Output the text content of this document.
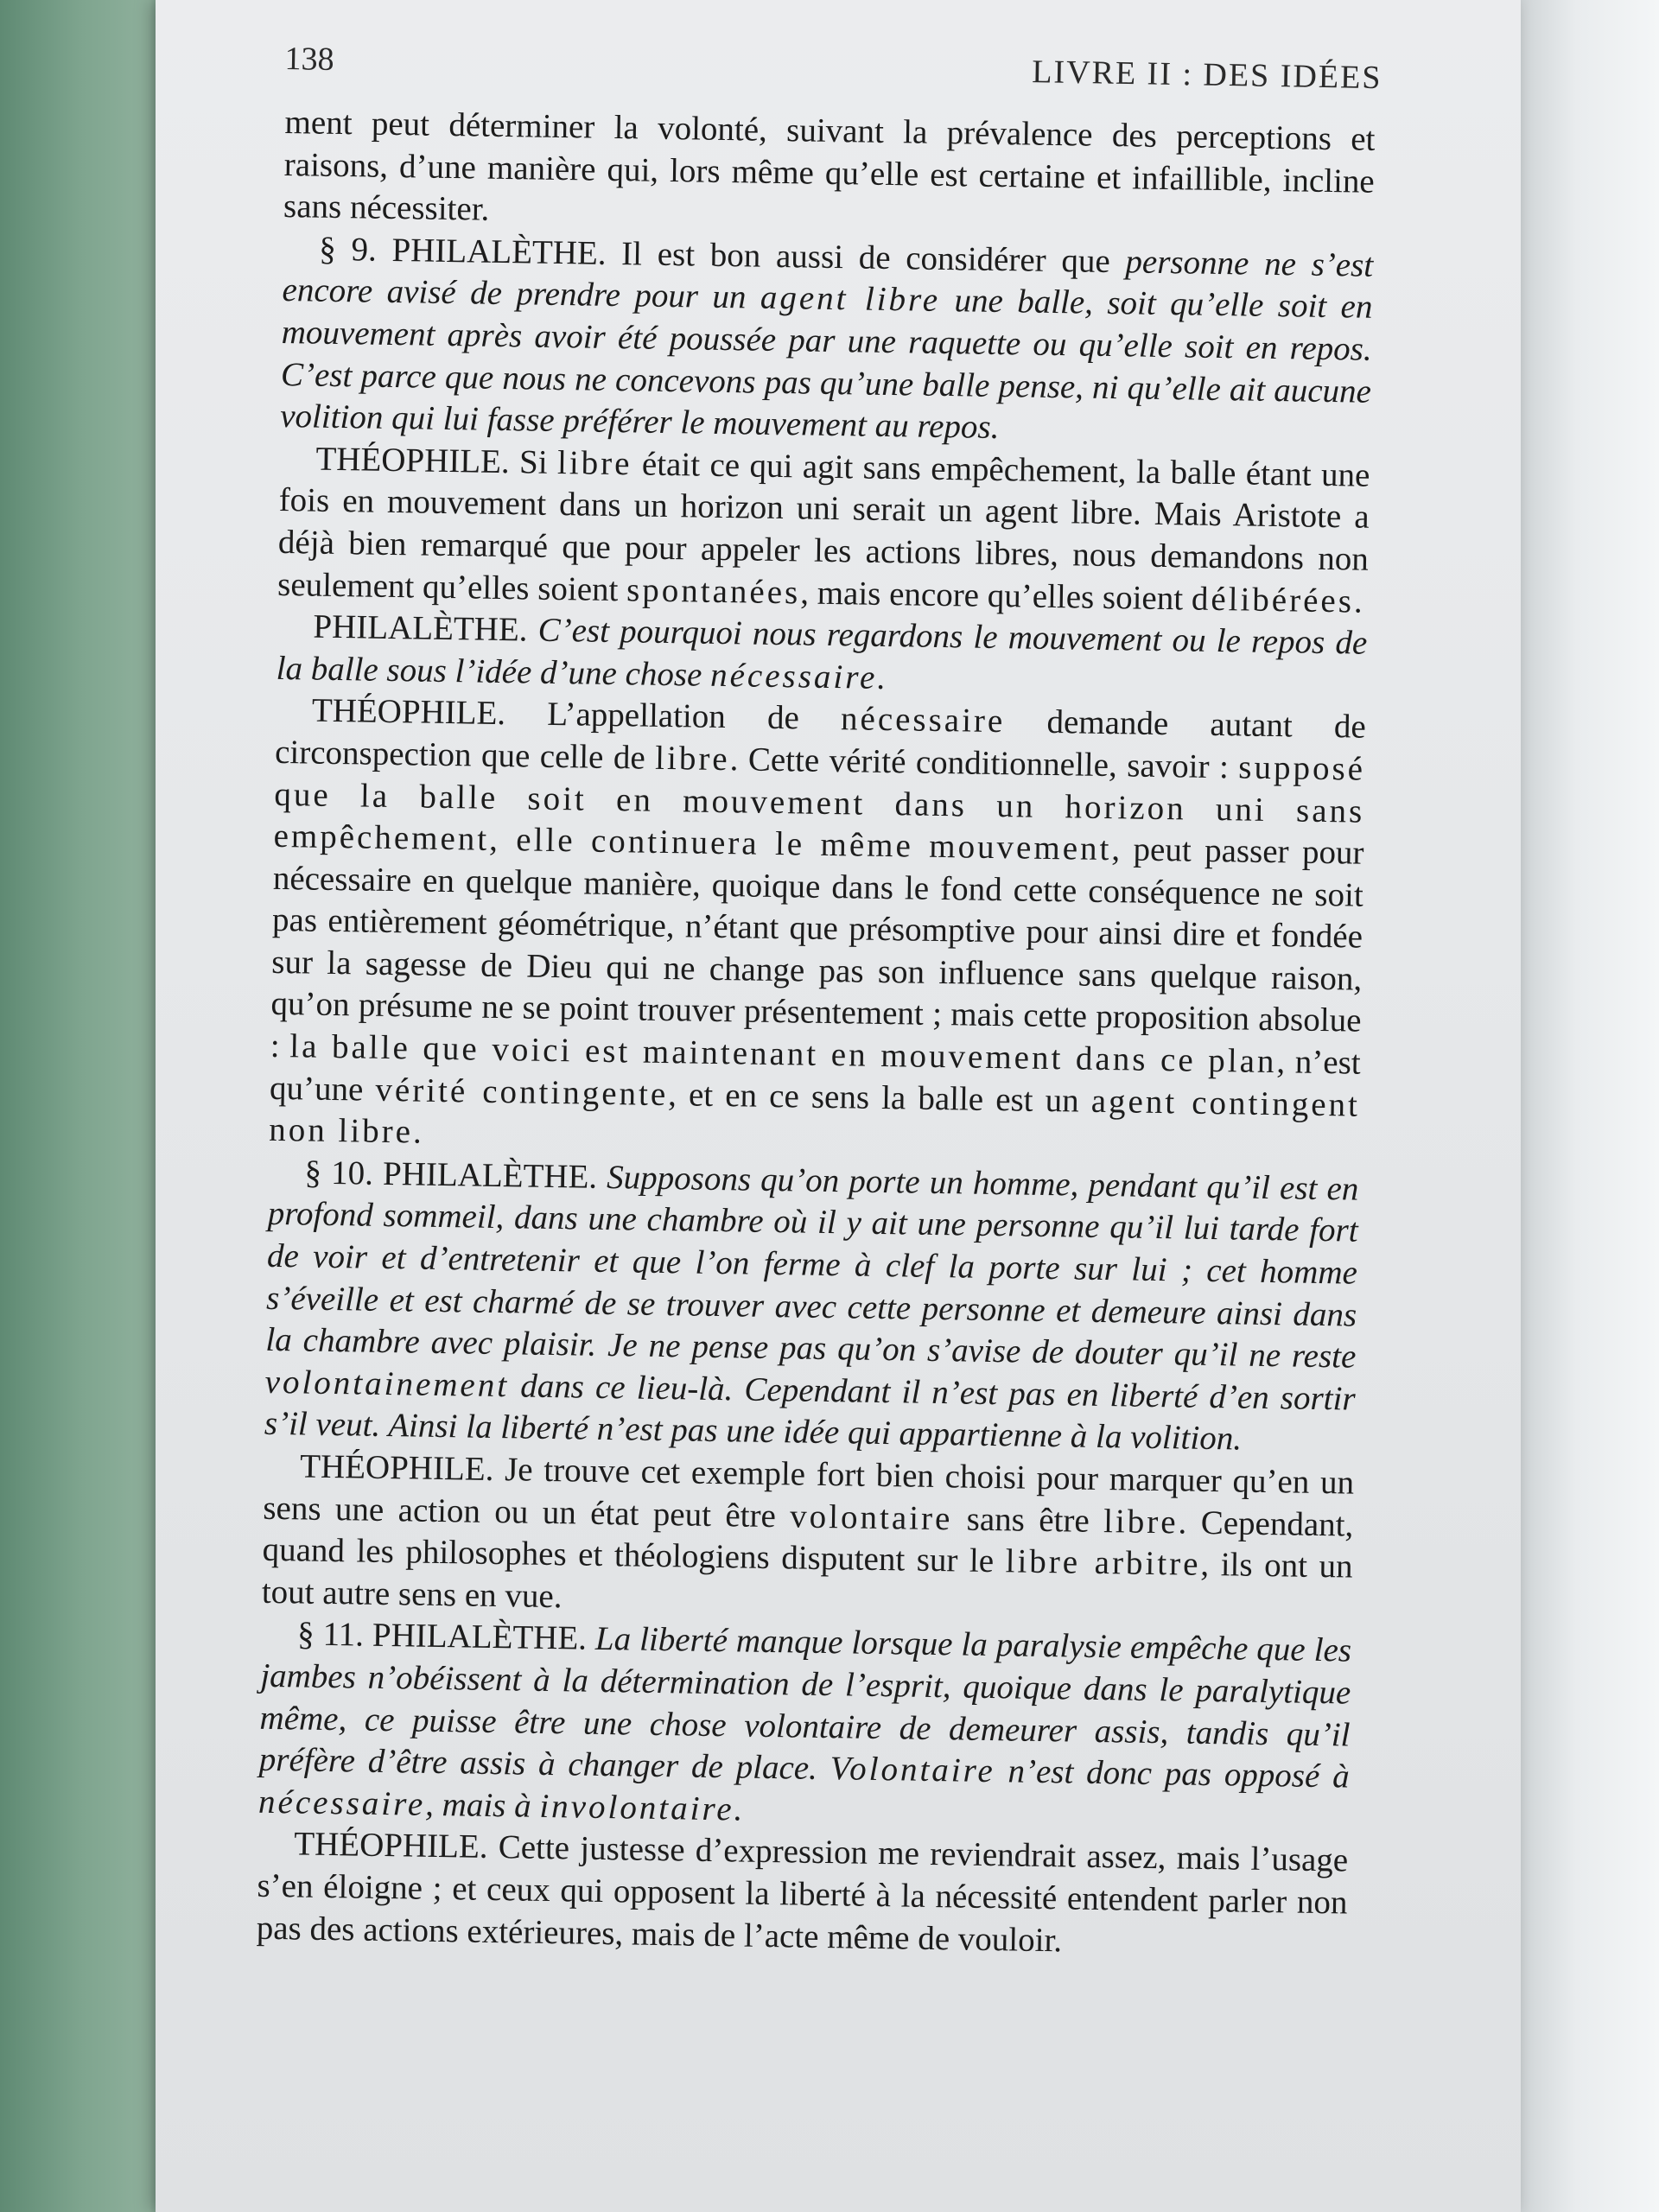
138	LIVRE II : DES IDÉES

ment peut déterminer la volonté, suivant la prévalence des perceptions et raisons, d’une manière qui, lors même qu’elle est certaine et infaillible, incline sans nécessiter.

§ 9. PHILALÈTHE. Il est bon aussi de considérer que personne ne s’est encore avisé de prendre pour un agent libre une balle, soit qu’elle soit en mouvement après avoir été poussée par une raquette ou qu’elle soit en repos. C’est parce que nous ne concevons pas qu’une balle pense, ni qu’elle ait aucune volition qui lui fasse préférer le mouvement au repos.

THÉOPHILE. Si libre était ce qui agit sans empêchement, la balle étant une fois en mouvement dans un horizon uni serait un agent libre. Mais Aristote a déjà bien remarqué que pour appeler les actions libres, nous demandons non seulement qu’elles soient spontanées, mais encore qu’elles soient délibérées.

PHILALÈTHE. C’est pourquoi nous regardons le mouvement ou le repos de la balle sous l’idée d’une chose nécessaire.

THÉOPHILE. L’appellation de nécessaire demande autant de circonspection que celle de libre. Cette vérité conditionnelle, savoir : supposé que la balle soit en mouvement dans un horizon uni sans empêchement, elle continuera le même mouvement, peut passer pour nécessaire en quelque manière, quoique dans le fond cette conséquence ne soit pas entièrement géométrique, n’étant que présomptive pour ainsi dire et fondée sur la sagesse de Dieu qui ne change pas son influence sans quelque raison, qu’on présume ne se point trouver présentement ; mais cette proposition absolue : la balle que voici est maintenant en mouvement dans ce plan, n’est qu’une vérité contingente, et en ce sens la balle est un agent contingent non libre.

§ 10. PHILALÈTHE. Supposons qu’on porte un homme, pendant qu’il est en profond sommeil, dans une chambre où il y ait une personne qu’il lui tarde fort de voir et d’entretenir et que l’on ferme à clef la porte sur lui ; cet homme s’éveille et est charmé de se trouver avec cette personne et demeure ainsi dans la chambre avec plaisir. Je ne pense pas qu’on s’avise de douter qu’il ne reste volontainement dans ce lieu-là. Cependant il n’est pas en liberté d’en sortir s’il veut. Ainsi la liberté n’est pas une idée qui appartienne à la volition.

THÉOPHILE. Je trouve cet exemple fort bien choisi pour marquer qu’en un sens une action ou un état peut être volontaire sans être libre. Cependant, quand les philosophes et théologiens disputent sur le libre arbitre, ils ont un tout autre sens en vue.

§ 11. PHILALÈTHE. La liberté manque lorsque la paralysie empêche que les jambes n’obéissent à la détermination de l’esprit, quoique dans le paralytique même, ce puisse être une chose volontaire de demeurer assis, tandis qu’il préfère d’être assis à changer de place. Volontaire n’est donc pas opposé à nécessaire, mais à involontaire.

THÉOPHILE. Cette justesse d’expression me reviendrait assez, mais l’usage s’en éloigne ; et ceux qui opposent la liberté à la nécessité entendent parler non pas des actions extérieures, mais de l’acte même de vouloir.
